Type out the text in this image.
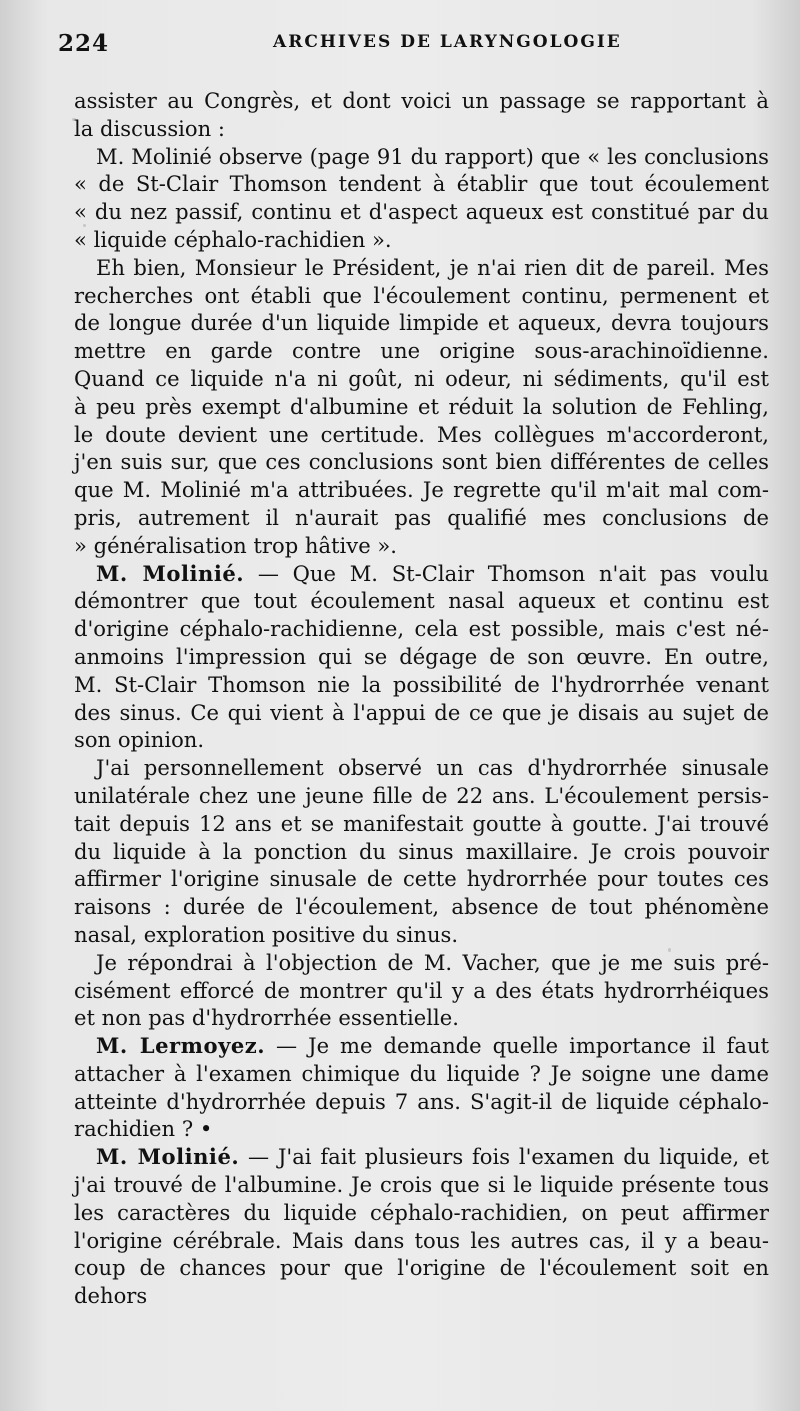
224	ARCHIVES DE LARYNGOLOGIE

assister au Congrès, et dont voici un passage se rapportant à

la discussion :

M. Molinié observe (page 91 du rapport) que « les conclusions

« de St-Clair Thomson tendent à établir que tout écoulement

« du nez passif, continu et d'aspect aqueux est constitué par du

« liquide céphalo-rachidien ».

Eh bien, Monsieur le Président, je n'ai rien dit de pareil. Mes

recherches ont établi que l'écoulement continu, permenent et

de longue durée d'un liquide limpide et aqueux, devra toujours

mettre en garde contre une origine sous-arachinoïdienne.

Quand ce liquide n'a ni goût, ni odeur, ni sédiments, qu'il est

à peu près exempt d'albumine et réduit la solution de Fehling,

le doute devient une certitude. Mes collègues m'accorderont,

j'en suis sur, que ces conclusions sont bien différentes de celles

que M. Molinié m'a attribuées. Je regrette qu'il m'ait mal com-

pris, autrement il n'aurait pas qualifié mes conclusions de

» généralisation trop hâtive ».

M. Molinié. — Que M. St-Clair Thomson n'ait pas voulu

démontrer que tout écoulement nasal aqueux et continu est

d'origine céphalo-rachidienne, cela est possible, mais c'est né-

anmoins l'impression qui se dégage de son œuvre. En outre,

M. St-Clair Thomson nie la possibilité de l'hydrorrhée venant

des sinus. Ce qui vient à l'appui de ce que je disais au sujet de

son opinion.

J'ai personnellement observé un cas d'hydrorrhée sinusale

unilatérale chez une jeune fille de 22 ans. L'écoulement persis-

tait depuis 12 ans et se manifestait goutte à goutte. J'ai trouvé

du liquide à la ponction du sinus maxillaire. Je crois pouvoir

affirmer l'origine sinusale de cette hydrorrhée pour toutes ces

raisons : durée de l'écoulement, absence de tout phénomène

nasal, exploration positive du sinus.

Je répondrai à l'objection de M. Vacher, que je me suis pré-

cisément efforcé de montrer qu'il y a des états hydrorrhéiques

et non pas d'hydrorrhée essentielle.

M. Lermoyez. — Je me demande quelle importance il faut

attacher à l'examen chimique du liquide ? Je soigne une dame

atteinte d'hydrorrhée depuis 7 ans. S'agit-il de liquide céphalo-

rachidien ? •

M. Molinié. — J'ai fait plusieurs fois l'examen du liquide, et

j'ai trouvé de l'albumine. Je crois que si le liquide présente tous

les caractères du liquide céphalo-rachidien, on peut affirmer

l'origine cérébrale. Mais dans tous les autres cas, il y a beau-

coup de chances pour que l'origine de l'écoulement soit en dehors
